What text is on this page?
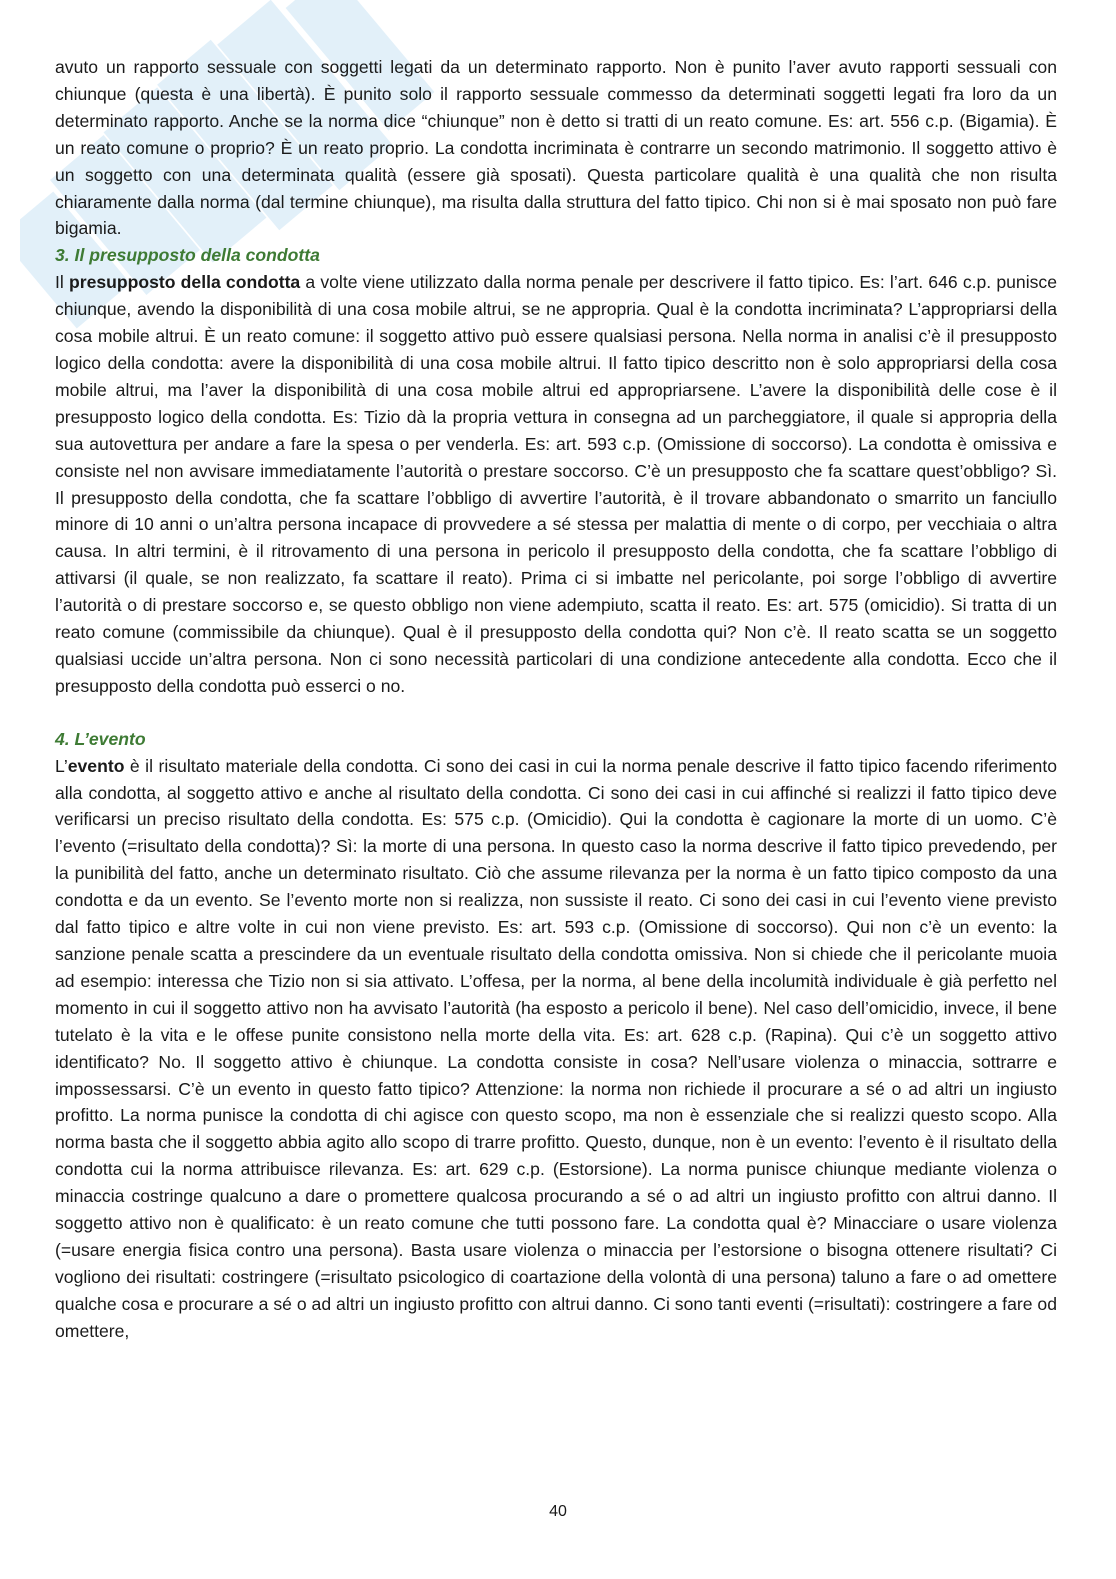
avuto un rapporto sessuale con soggetti legati da un determinato rapporto. Non è punito l’aver avuto rapporti sessuali con chiunque (questa è una libertà). È punito solo il rapporto sessuale commesso da determinati soggetti legati fra loro da un determinato rapporto. Anche se la norma dice “chiunque” non è detto si tratti di un reato comune. Es: art. 556 c.p. (Bigamia). È un reato comune o proprio? È un reato proprio. La condotta incriminata è contrarre un secondo matrimonio. Il soggetto attivo è un soggetto con una determinata qualità (essere già sposati). Questa particolare qualità è una qualità che non risulta chiaramente dalla norma (dal termine chiunque), ma risulta dalla struttura del fatto tipico. Chi non si è mai sposato non può fare bigamia.

3. Il presupposto della condotta

Il presupposto della condotta a volte viene utilizzato dalla norma penale per descrivere il fatto tipico. Es: l’art. 646 c.p. punisce chiunque, avendo la disponibilità di una cosa mobile altrui, se ne appropria. Qual è la condotta incriminata? L’appropriarsi della cosa mobile altrui. È un reato comune: il soggetto attivo può essere qualsiasi persona. Nella norma in analisi c’è il presupposto logico della condotta: avere la disponibilità di una cosa mobile altrui. Il fatto tipico descritto non è solo appropriarsi della cosa mobile altrui, ma l’aver la disponibilità di una cosa mobile altrui ed appropriarsene. L’avere la disponibilità delle cose è il presupposto logico della condotta. Es: Tizio dà la propria vettura in consegna ad un parcheggiatore, il quale si appropria della sua autovettura per andare a fare la spesa o per venderla. Es: art. 593 c.p. (Omissione di soccorso). La condotta è omissiva e consiste nel non avvisare immediatamente l’autorità o prestare soccorso. C’è un presupposto che fa scattare quest’obbligo? Sì. Il presupposto della condotta, che fa scattare l’obbligo di avvertire l’autorità, è il trovare abbandonato o smarrito un fanciullo minore di 10 anni o un’altra persona incapace di provvedere a sé stessa per malattia di mente o di corpo, per vecchiaia o altra causa. In altri termini, è il ritrovamento di una persona in pericolo il presupposto della condotta, che fa scattare l’obbligo di attivarsi (il quale, se non realizzato, fa scattare il reato). Prima ci si imbatte nel pericolante, poi sorge l’obbligo di avvertire l’autorità o di prestare soccorso e, se questo obbligo non viene adempiuto, scatta il reato. Es: art. 575 (omicidio). Si tratta di un reato comune (commissibile da chiunque). Qual è il presupposto della condotta qui? Non c’è. Il reato scatta se un soggetto qualsiasi uccide un’altra persona. Non ci sono necessità particolari di una condizione antecedente alla condotta. Ecco che il presupposto della condotta può esserci o no.

4. L’evento

L’evento è il risultato materiale della condotta. Ci sono dei casi in cui la norma penale descrive il fatto tipico facendo riferimento alla condotta, al soggetto attivo e anche al risultato della condotta. Ci sono dei casi in cui affinché si realizzi il fatto tipico deve verificarsi un preciso risultato della condotta. Es: 575 c.p. (Omicidio). Qui la condotta è cagionare la morte di un uomo. C’è l’evento (=risultato della condotta)? Sì: la morte di una persona. In questo caso la norma descrive il fatto tipico prevedendo, per la punibilità del fatto, anche un determinato risultato. Ciò che assume rilevanza per la norma è un fatto tipico composto da una condotta e da un evento. Se l’evento morte non si realizza, non sussiste il reato. Ci sono dei casi in cui l’evento viene previsto dal fatto tipico e altre volte in cui non viene previsto. Es: art. 593 c.p. (Omissione di soccorso). Qui non c’è un evento: la sanzione penale scatta a prescindere da un eventuale risultato della condotta omissiva. Non si chiede che il pericolante muoia ad esempio: interessa che Tizio non si sia attivato. L’offesa, per la norma, al bene della incolumità individuale è già perfetto nel momento in cui il soggetto attivo non ha avvisato l’autorità (ha esposto a pericolo il bene). Nel caso dell’omicidio, invece, il bene tutelato è la vita e le offese punite consistono nella morte della vita. Es: art. 628 c.p. (Rapina). Qui c’è un soggetto attivo identificato? No. Il soggetto attivo è chiunque. La condotta consiste in cosa? Nell’usare violenza o minaccia, sottrarre e impossessarsi. C’è un evento in questo fatto tipico? Attenzione: la norma non richiede il procurare a sé o ad altri un ingiusto profitto. La norma punisce la condotta di chi agisce con questo scopo, ma non è essenziale che si realizzi questo scopo. Alla norma basta che il soggetto abbia agito allo scopo di trarre profitto. Questo, dunque, non è un evento: l’evento è il risultato della condotta cui la norma attribuisce rilevanza. Es: art. 629 c.p. (Estorsione). La norma punisce chiunque mediante violenza o minaccia costringe qualcuno a dare o promettere qualcosa procurando a sé o ad altri un ingiusto profitto con altrui danno. Il soggetto attivo non è qualificato: è un reato comune che tutti possono fare. La condotta qual è? Minacciare o usare violenza (=usare energia fisica contro una persona). Basta usare violenza o minaccia per l’estorsione o bisogna ottenere risultati? Ci vogliono dei risultati: costringere (=risultato psicologico di coartazione della volontà di una persona) taluno a fare o ad omettere qualche cosa e procurare a sé o ad altri un ingiusto profitto con altrui danno. Ci sono tanti eventi (=risultati): costringere a fare od omettere,

40
